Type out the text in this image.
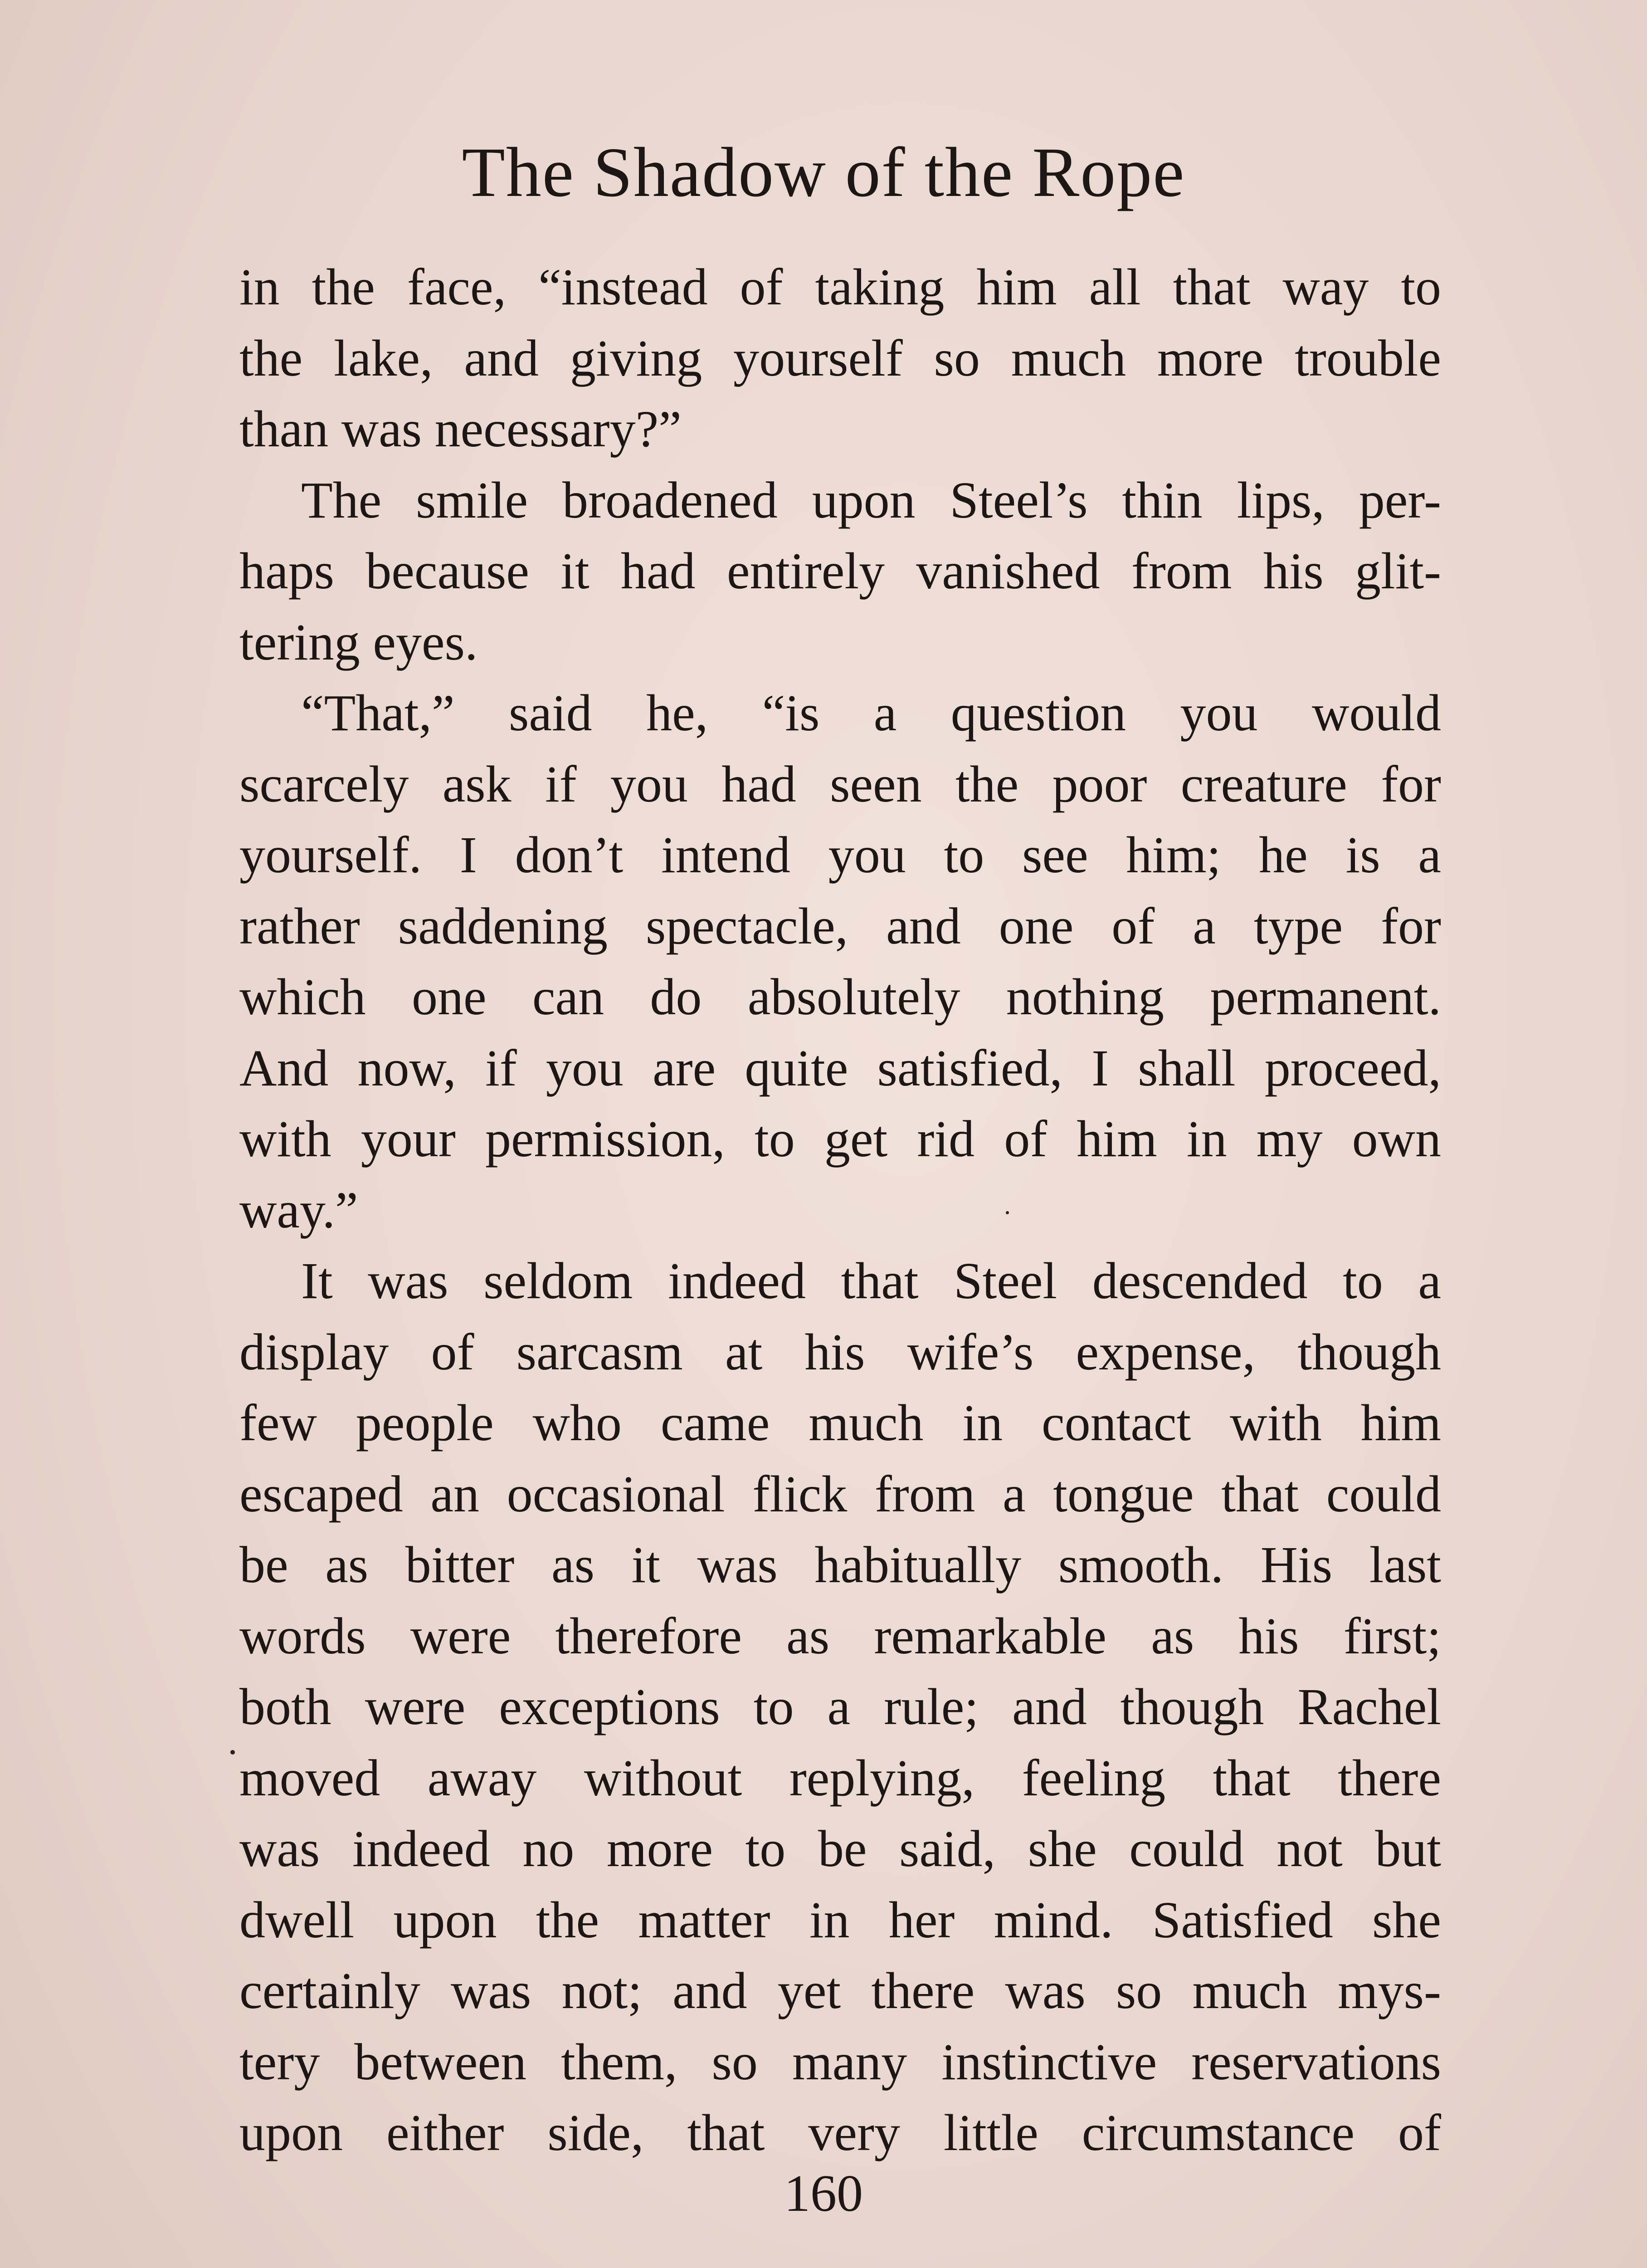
The Shadow of the Rope
in the face, “instead of taking him all that way to
the lake, and giving yourself so much more trouble
than was necessary?”
The smile broadened upon Steel’s thin lips, per-
haps because it had entirely vanished from his glit-
tering eyes.
“That,” said he, “is a question you would
scarcely ask if you had seen the poor creature for
yourself. I don’t intend you to see him; he is a
rather saddening spectacle, and one of a type for
which one can do absolutely nothing permanent.
And now, if you are quite satisfied, I shall proceed,
with your permission, to get rid of him in my own
way.”
It was seldom indeed that Steel descended to a
display of sarcasm at his wife’s expense, though
few people who came much in contact with him
escaped an occasional flick from a tongue that could
be as bitter as it was habitually smooth. His last
words were therefore as remarkable as his first;
both were exceptions to a rule; and though Rachel
moved away without replying, feeling that there
was indeed no more to be said, she could not but
dwell upon the matter in her mind. Satisfied she
certainly was not; and yet there was so much mys-
tery between them, so many instinctive reservations
upon either side, that very little circumstance of
160
